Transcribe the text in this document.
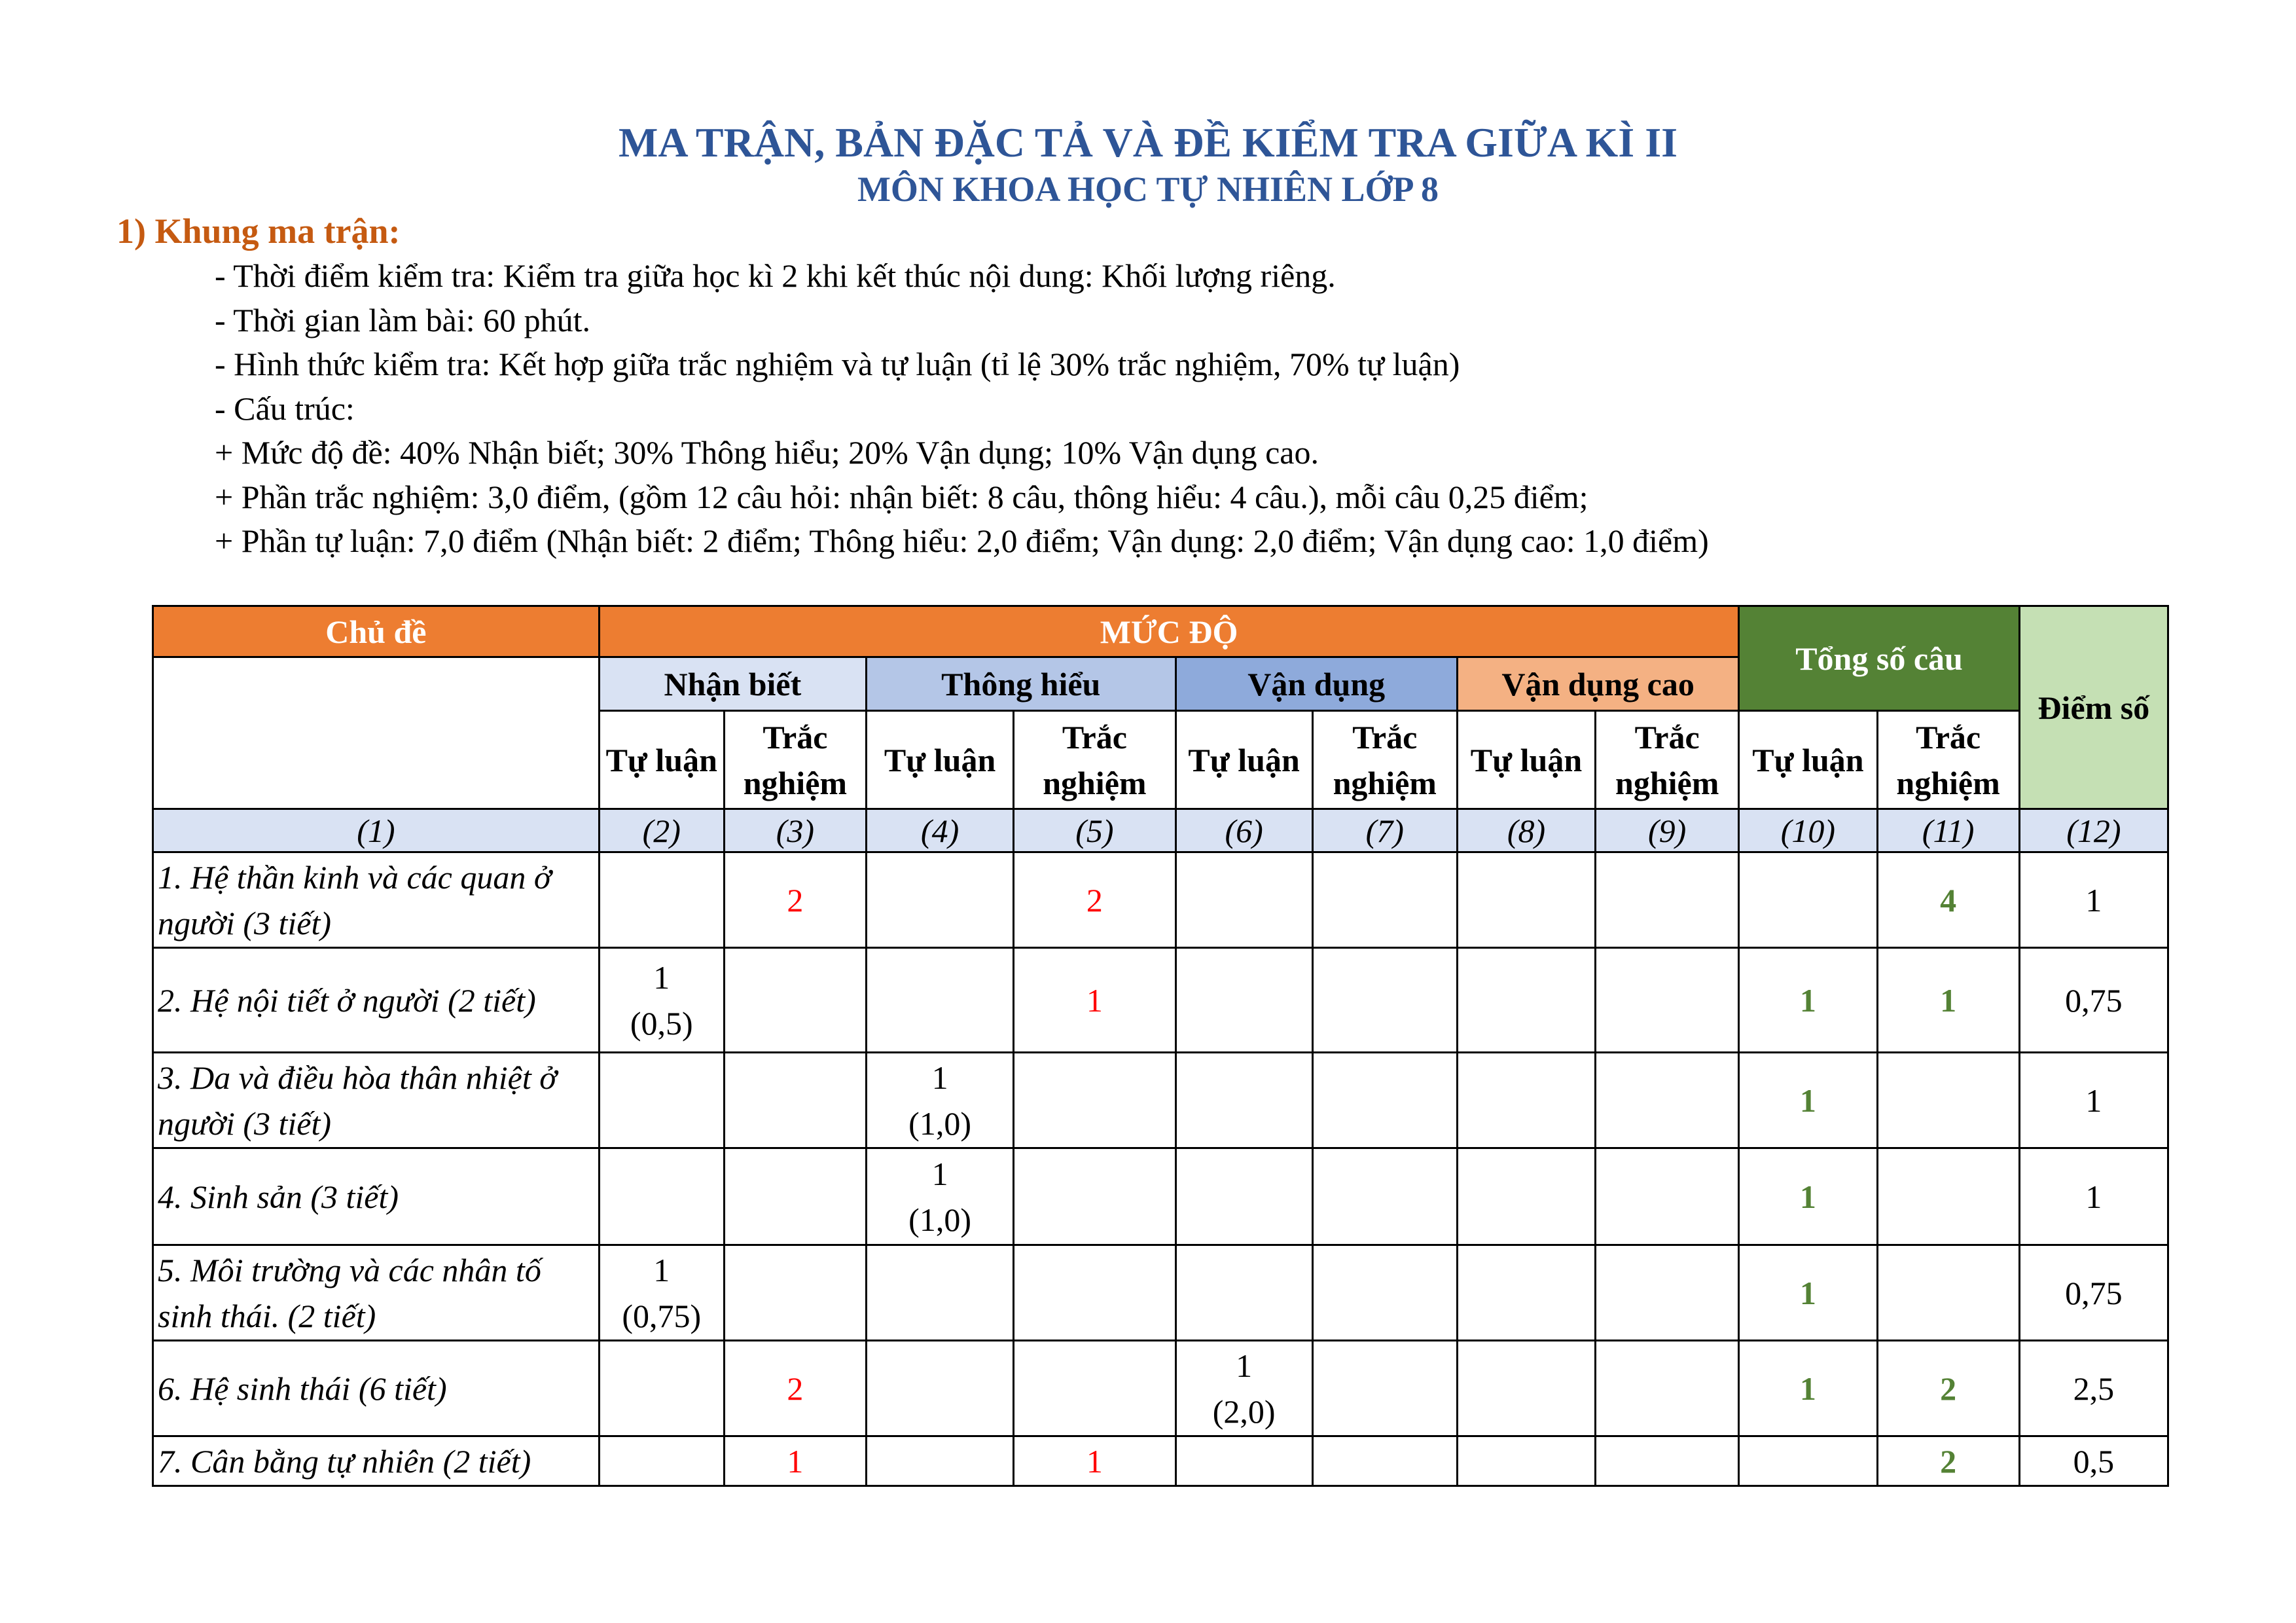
MA TRẬN, BẢN ĐẶC TẢ VÀ ĐỀ KIỂM TRA GIỮA KÌ II
MÔN KHOA HỌC TỰ NHIÊN LỚP 8
1) Khung ma trận:
- Thời điểm kiểm tra: Kiểm tra giữa học kì 2 khi kết thúc nội dung: Khối lượng riêng.
- Thời gian làm bài: 60 phút.
- Hình thức kiểm tra: Kết hợp giữa trắc nghiệm và tự luận (tỉ lệ 30% trắc nghiệm, 70% tự luận)
- Cấu trúc:
+ Mức độ đề: 40% Nhận biết; 30% Thông hiểu; 20% Vận dụng; 10% Vận dụng cao.
+ Phần trắc nghiệm: 3,0 điểm, (gồm 12 câu hỏi: nhận biết: 8 câu, thông hiểu: 4 câu.), mỗi câu 0,25 điểm;
+ Phần tự luận: 7,0 điểm (Nhận biết: 2 điểm; Thông hiểu: 2,0 điểm; Vận dụng: 2,0 điểm; Vận dụng cao: 1,0 điểm)
Chủ đề	MỨC ĐỘ								Tổng số câu		Điểm số
	Nhận biết		Thông hiểu		Vận dụng		Vận dụng cao				
	Tự luận	Trắc nghiệm	Tự luận	Trắc nghiệm	Tự luận	Trắc nghiệm	Tự luận	Trắc nghiệm	Tự luận	Trắc nghiệm	
(1)	(2)	(3)	(4)	(5)	(6)	(7)	(8)	(9)	(10)	(11)	(12)
1. Hệ thần kinh và các quan ở người (3 tiết)		2		2						4	1
2. Hệ nội tiết ở người (2 tiết)	1
(0,5)			1					1	1	0,75
3. Da và điều hòa thân nhiệt ở người (3 tiết)			1
(1,0)						1		1
4. Sinh sản (3 tiết)			1
(1,0)						1		1
5. Môi trường và các nhân tố sinh thái. (2 tiết)	1
(0,75)								1		0,75
6. Hệ sinh thái (6 tiết)		2			1
(2,0)				1	2	2,5
7. Cân bằng tự nhiên (2 tiết)		1		1						2	0,5
